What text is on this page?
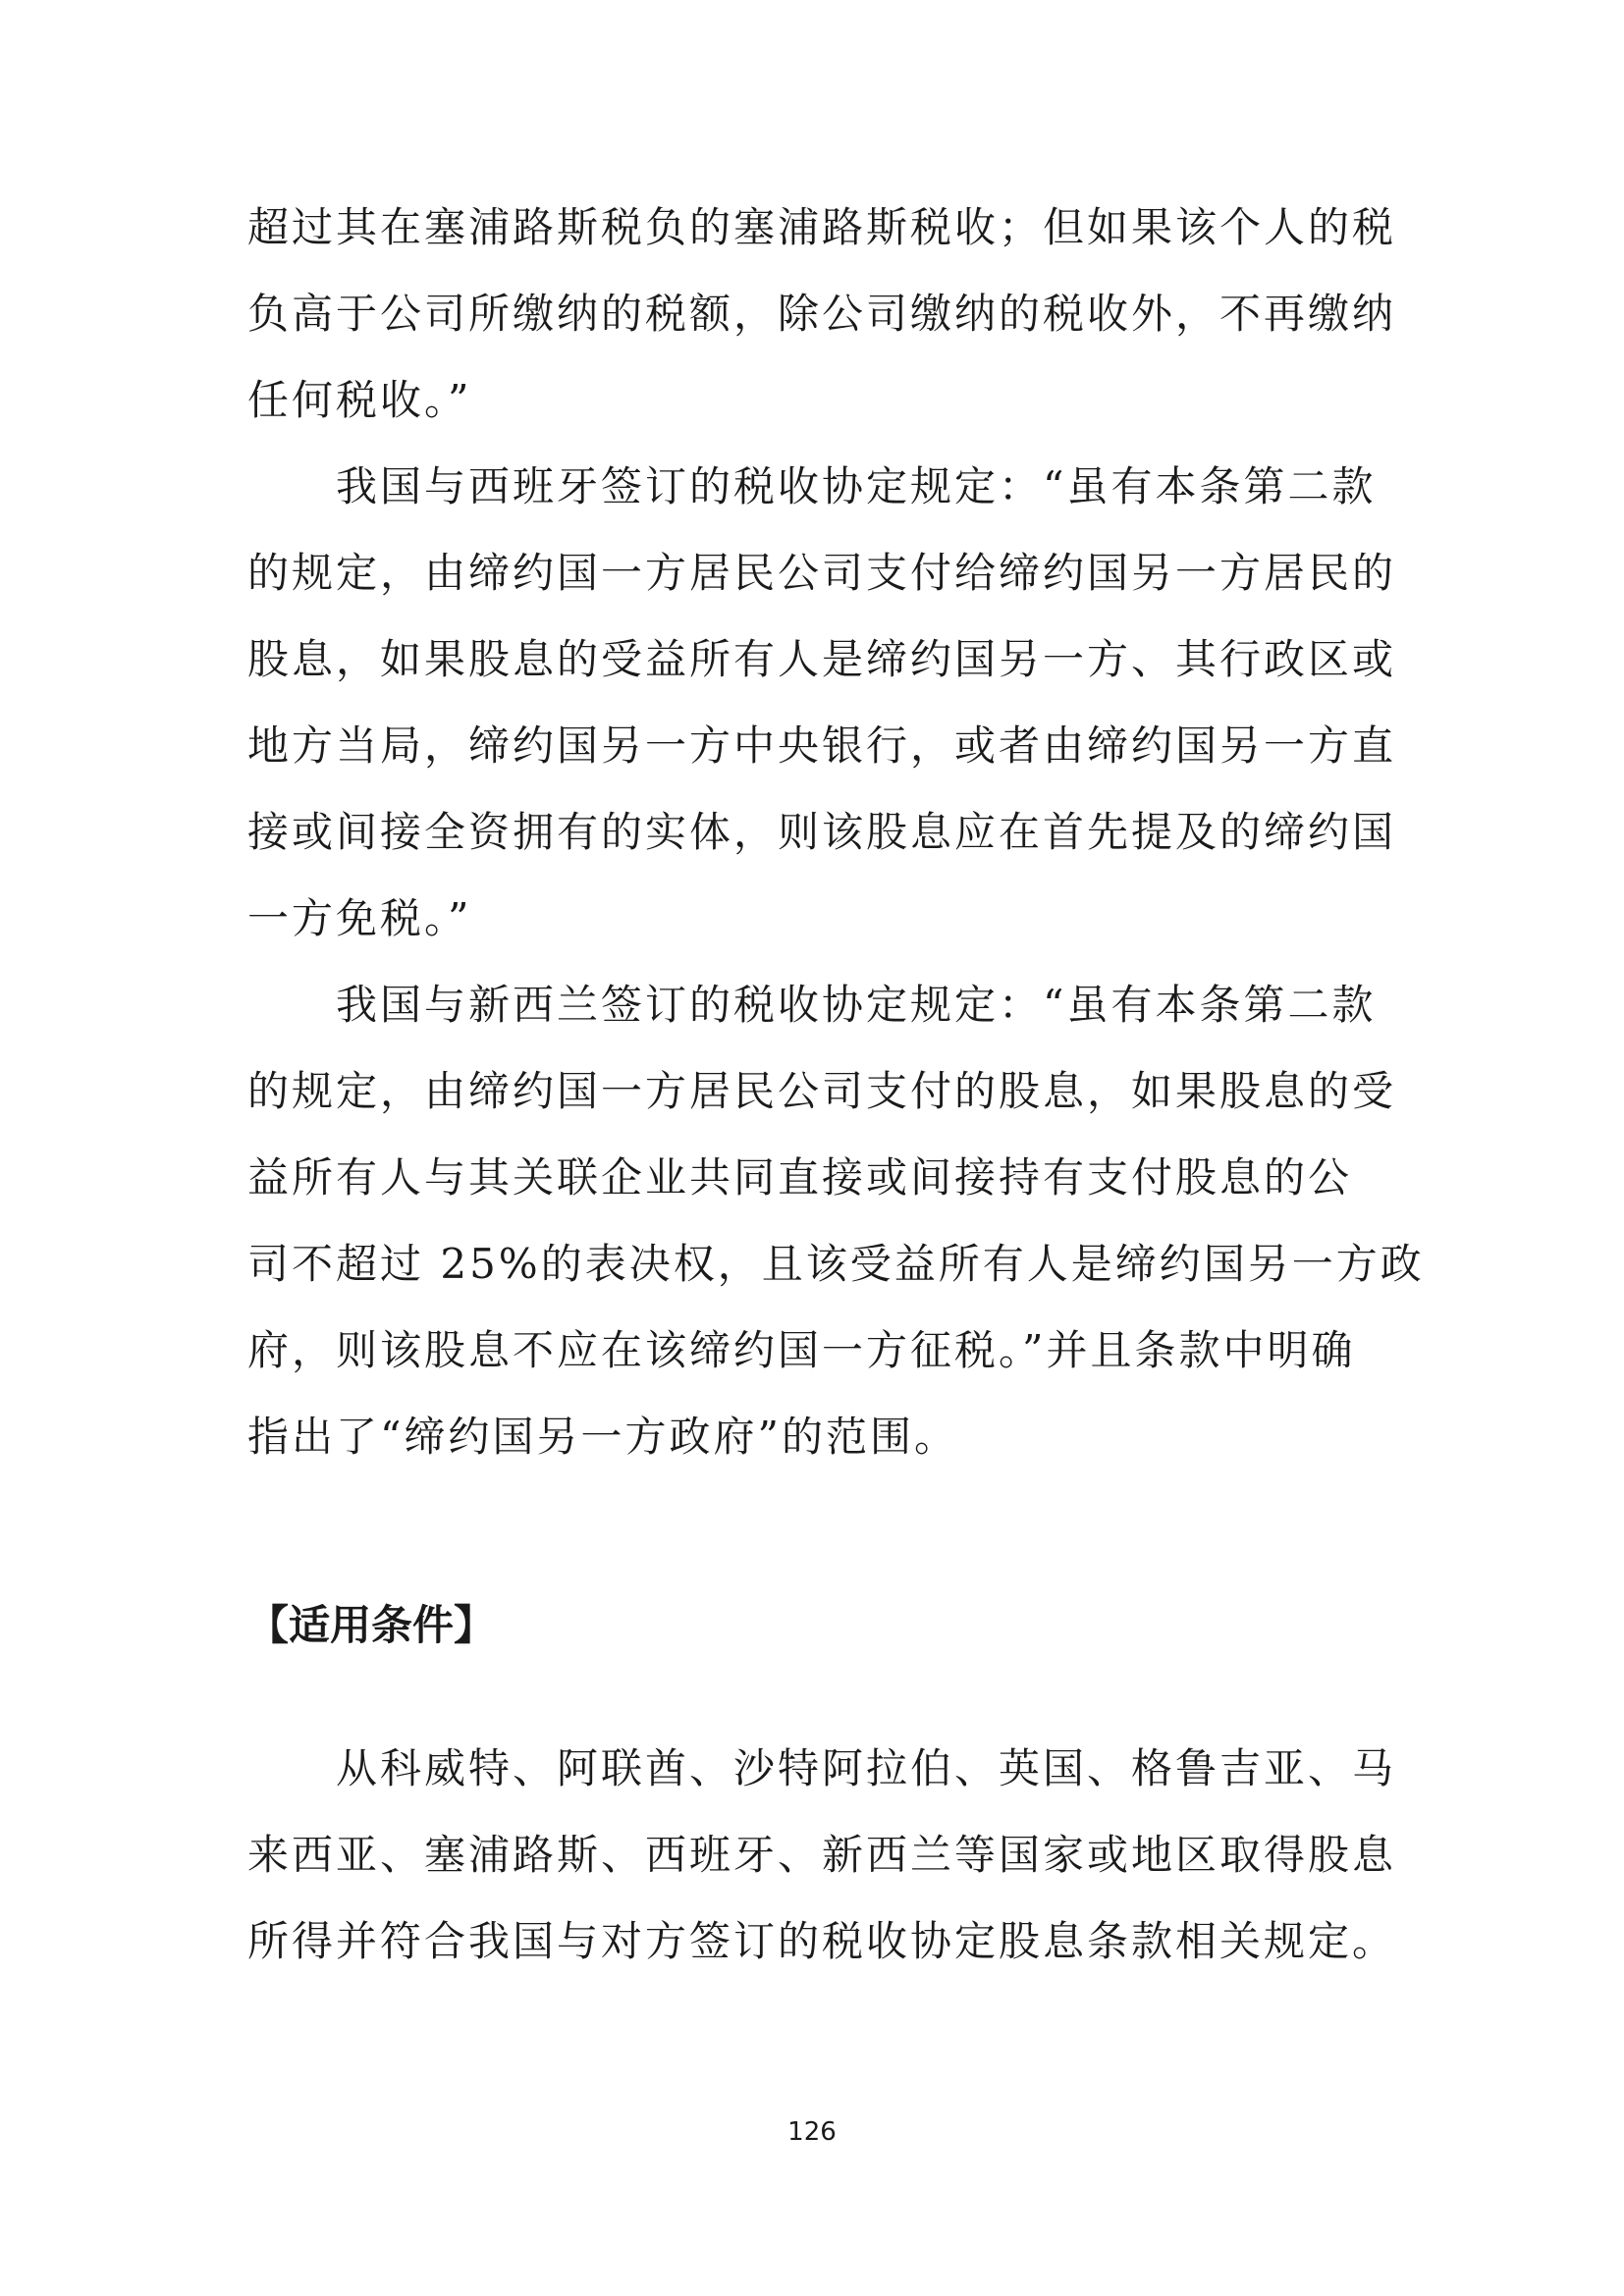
超过其在塞浦路斯税负的塞浦路斯税收；但如果该个人的税
负高于公司所缴纳的税额，除公司缴纳的税收外，不再缴纳
任何税收。”
我国与西班牙签订的税收协定规定：“虽有本条第二款
的规定，由缔约国一方居民公司支付给缔约国另一方居民的
股息，如果股息的受益所有人是缔约国另一方、其行政区或
地方当局，缔约国另一方中央银行，或者由缔约国另一方直
接或间接全资拥有的实体，则该股息应在首先提及的缔约国
一方免税。”
我国与新西兰签订的税收协定规定：“虽有本条第二款
的规定，由缔约国一方居民公司支付的股息，如果股息的受
益所有人与其关联企业共同直接或间接持有支付股息的公
司不超过 25%的表决权，且该受益所有人是缔约国另一方政
府，则该股息不应在该缔约国一方征税。”并且条款中明确
指出了“缔约国另一方政府”的范围。
【适用条件】
从科威特、阿联酋、沙特阿拉伯、英国、格鲁吉亚、马
来西亚、塞浦路斯、西班牙、新西兰等国家或地区取得股息
所得并符合我国与对方签订的税收协定股息条款相关规定。
126
